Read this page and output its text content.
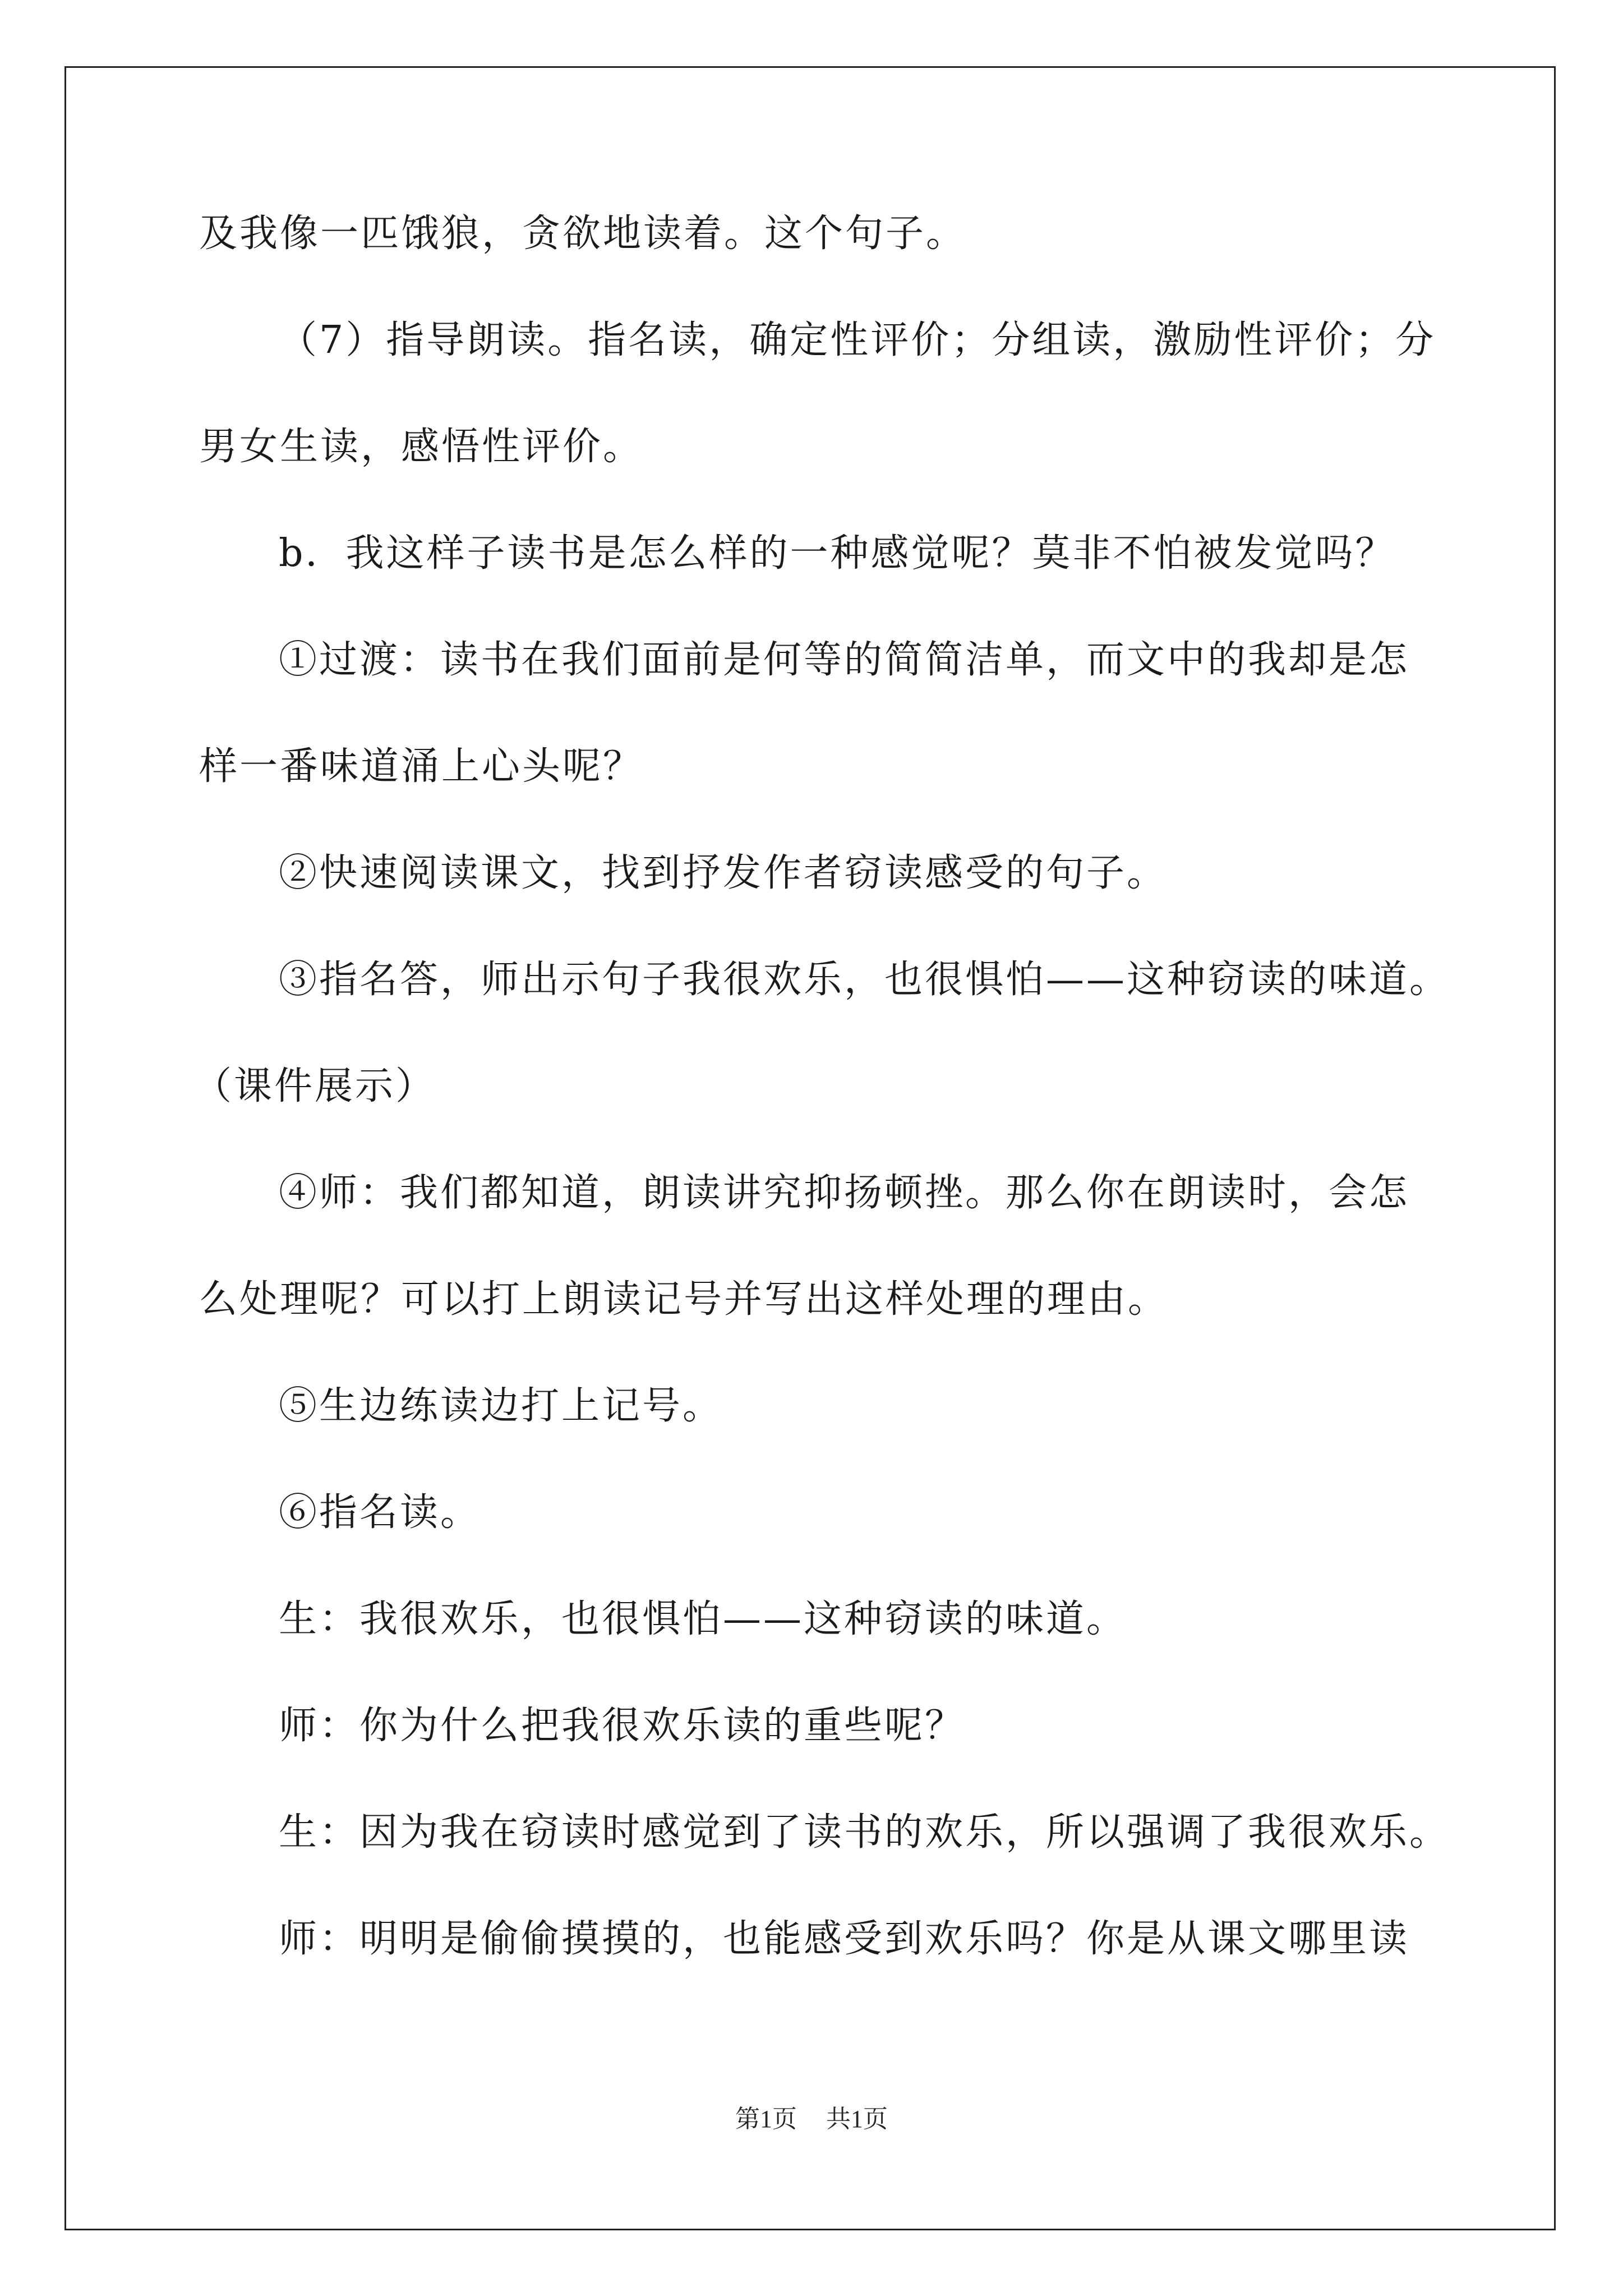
及我像一匹饿狼，贪欲地读着。这个句子。
（7）指导朗读。指名读，确定性评价；分组读，激励性评价；分
男女生读，感悟性评价。
b．我这样子读书是怎么样的一种感觉呢？莫非不怕被发觉吗？
①过渡：读书在我们面前是何等的简简洁单，而文中的我却是怎
样一番味道涌上心头呢？
②快速阅读课文，找到抒发作者窃读感受的句子。
③指名答，师出示句子我很欢乐，也很惧怕——这种窃读的味道。
（课件展示）
④师：我们都知道，朗读讲究抑扬顿挫。那么你在朗读时，会怎
么处理呢？可以打上朗读记号并写出这样处理的理由。
⑤生边练读边打上记号。
⑥指名读。
生：我很欢乐，也很惧怕——这种窃读的味道。
师：你为什么把我很欢乐读的重些呢？
生：因为我在窃读时感觉到了读书的欢乐，所以强调了我很欢乐。
师：明明是偷偷摸摸的，也能感受到欢乐吗？你是从课文哪里读
第1页 共1页
